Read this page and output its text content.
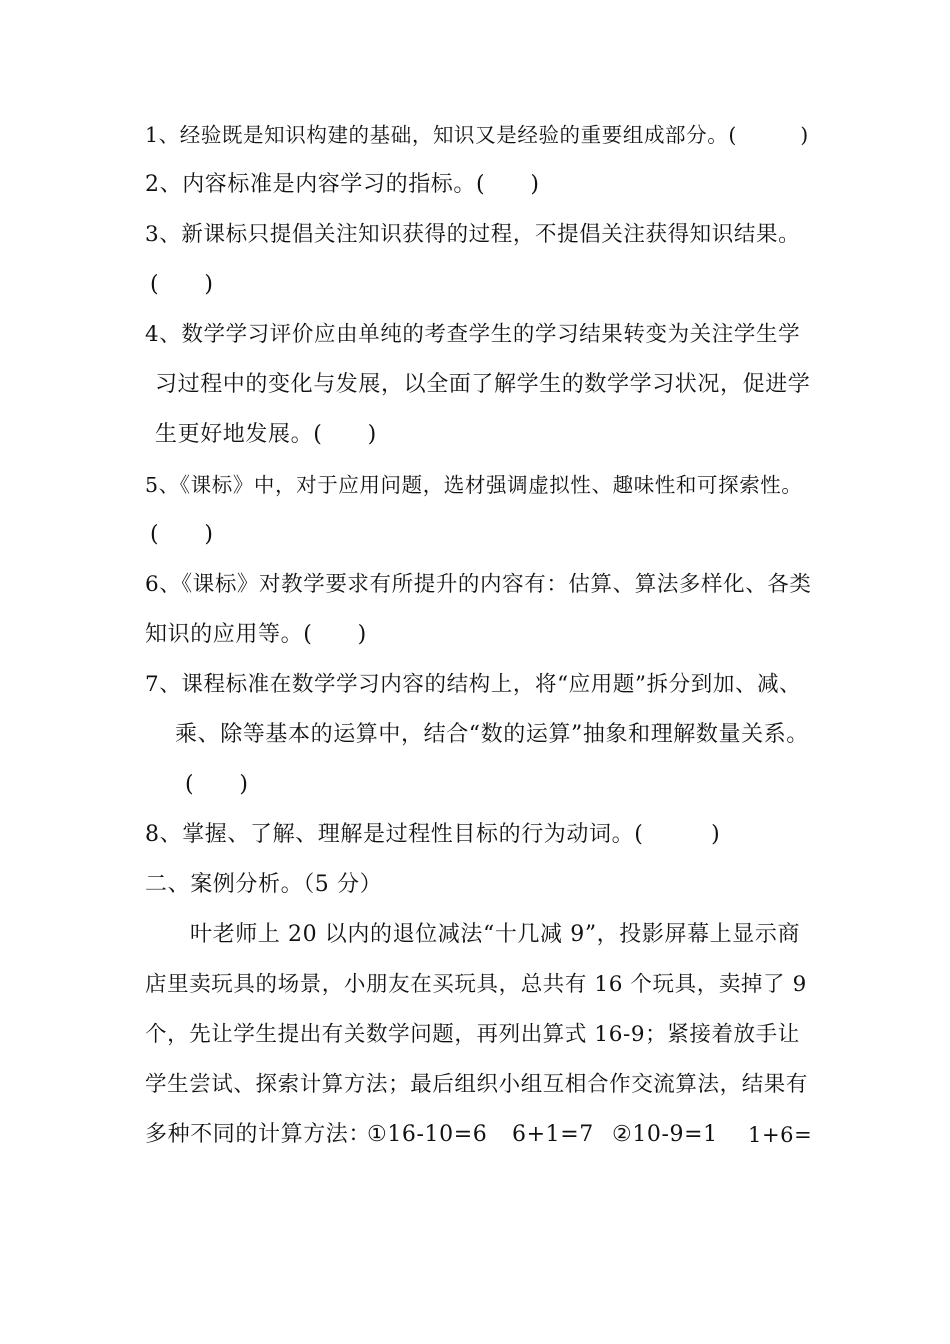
1、经验既是知识构建的基础，知识又是经验的重要组成部分。(　　　)
2、内容标准是内容学习的指标。(　　)
3、新课标只提倡关注知识获得的过程，不提倡关注获得知识结果。
(　　)
4、数学学习评价应由单纯的考查学生的学习结果转变为关注学生学
习过程中的变化与发展，以全面了解学生的数学学习状况，促进学
生更好地发展。(　　)
5、《课标》中，对于应用问题，选材强调虚拟性、趣味性和可探索性。
(　　)
6、《课标》对教学要求有所提升的内容有：估算、算法多样化、各类
知识的应用等。(　　)
7、课程标准在数学学习内容的结构上，将“应用题”拆分到加、减、
乘、除等基本的运算中，结合“数的运算”抽象和理解数量关系。
(　　)
8、掌握、了解、理解是过程性目标的行为动词。(　　　)
二、案例分析。（5 分）
叶老师上 20 以内的退位减法“十几减 9”，投影屏幕上显示商
店里卖玩具的场景，小朋友在买玩具，总共有 16 个玩具，卖掉了 9
个，先让学生提出有关数学问题，再列出算式 16-9；紧接着放手让
学生尝试、探索计算方法；最后组织小组互相合作交流算法，结果有
多种不同的计算方法：
①16-10=6 6+1=7 ②10-9=1 1+6=
